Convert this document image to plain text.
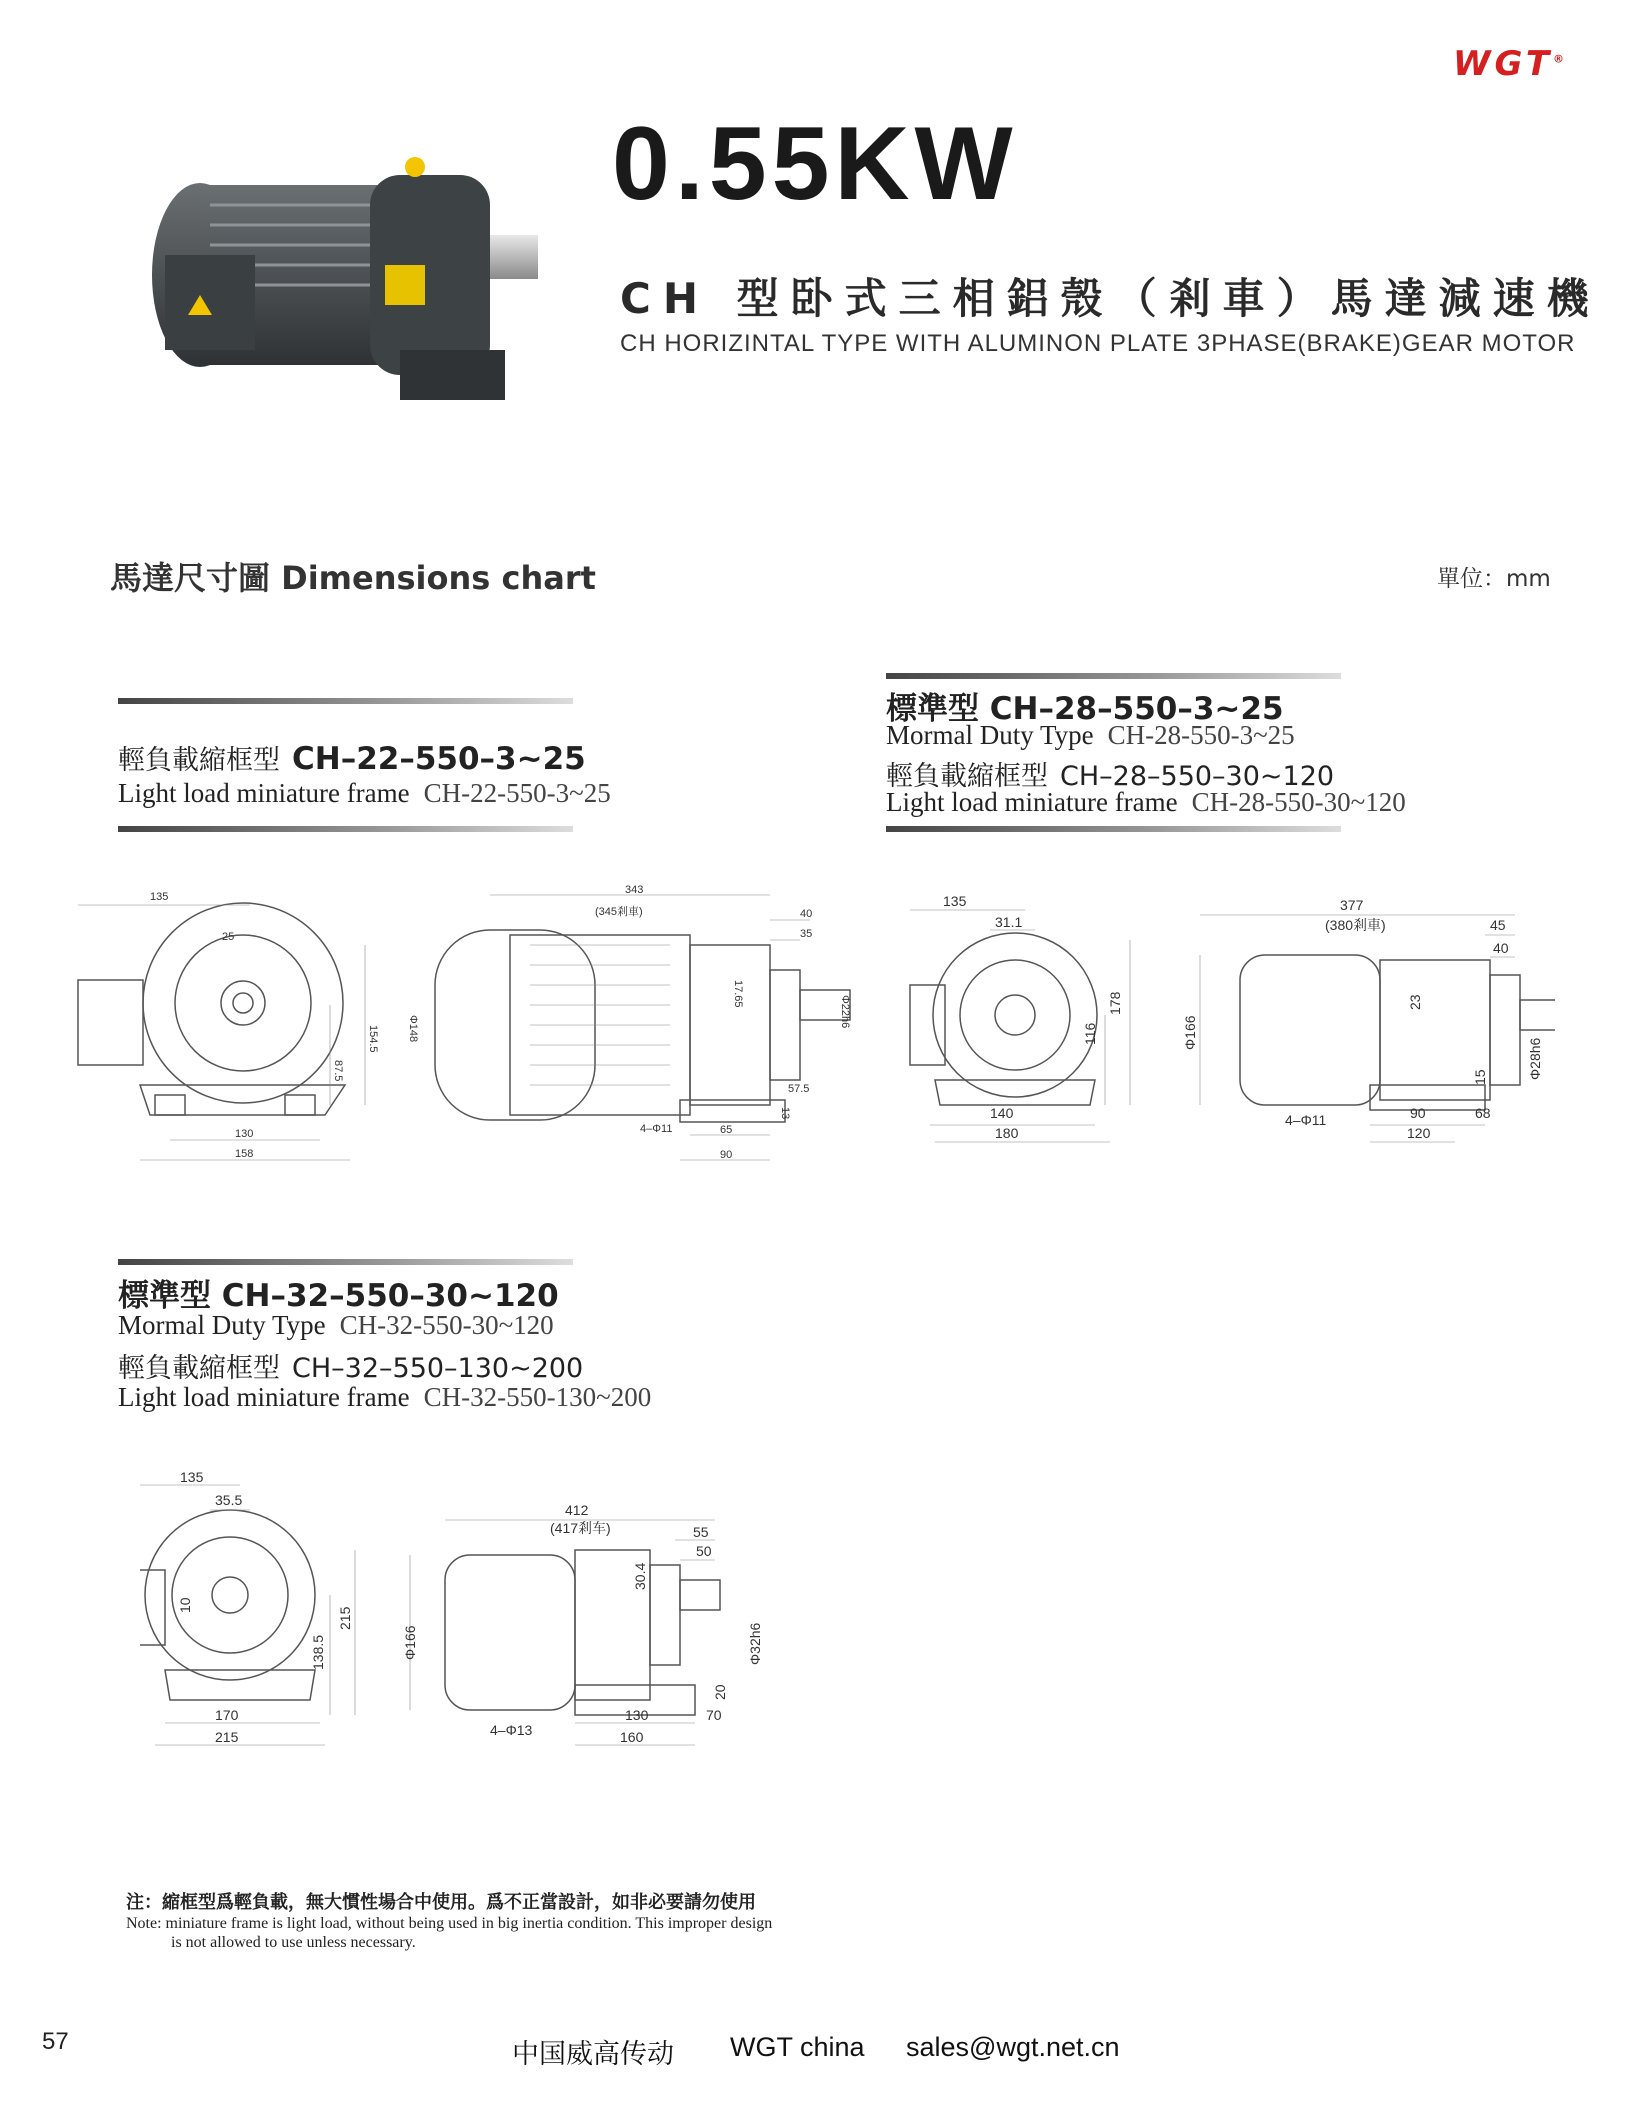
WGT®
0.55KW
CH 型卧式三相鋁殼（剎車）馬達減速機
CH HORIZINTAL TYPE WITH ALUMINON PLATE 3PHASE(BRAKE)GEAR MOTOR
馬達尺寸圖 Dimensions chart	單位：mm
輕負載縮框型 CH–22–550–3~25
Light load miniature frame CH-22-550-3~25
標準型 CH–28–550–3~25
Mormal Duty Type CH-28-550-3~25
輕負載縮框型 CH–28–550–30~120
Light load miniature frame CH-28-550-30~120
標準型 CH–32–550–30~120
Mormal Duty Type CH-32-550-30~120
輕負載縮框型 CH–32–550–130~200
Light load miniature frame CH-32-550-130~200
135
25
154.5
87.5
130
158
343
(345剎車)	40
35
17.65
Φ22h6
Φ148
57.5
13
4–Φ11	65
90
135
31.1
116
178
140
180
377
(380剎車)	45
40
23
Φ166
15	Φ28h6
4–Φ11	90	68
120
135
35.5
10
138.5
215
170
215
412
(417剎车)	55
50
30.4
Φ166	Φ32h6
20
4–Φ13
130	70
160
注：縮框型爲輕負載，無大慣性場合中使用。爲不正當設計，如非必要請勿使用
Note: miniature frame is light load, without being used in big inertia condition. This improper design
is not allowed to use unless necessary.
57	中国威高传动 WGT china sales@wgt.net.cn
